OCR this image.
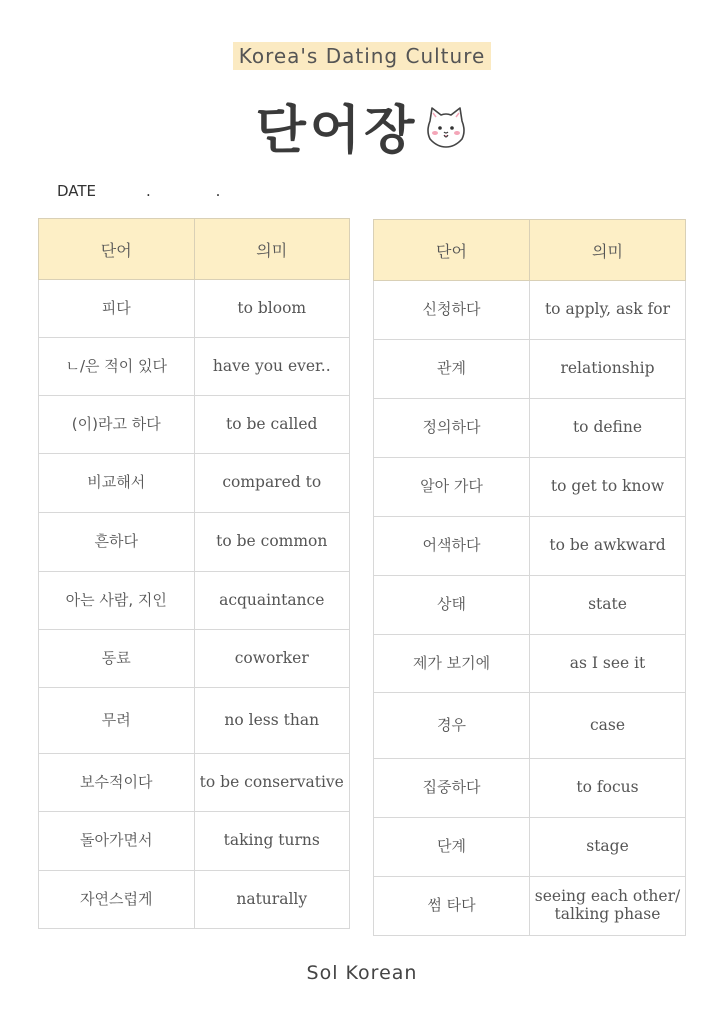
Korea's Dating Culture
단어장
DATE	. .
단어	의미
피다	to bloom
ㄴ/은 적이 있다	have you ever..
(이)라고 하다	to be called
비교해서	compared to
흔하다	to be common
아는 사람, 지인	acquaintance
동료	coworker
무려	no less than
보수적이다	to be conservative
돌아가면서	taking turns
자연스럽게	naturally
단어	의미
신청하다	to apply, ask for
관계	relationship
정의하다	to define
알아 가다	to get to know
어색하다	to be awkward
상태	state
제가 보기에	as I see it
경우	case
집중하다	to focus
단계	stage
썸 타다	seeing each other/ talking phase
Sol Korean
